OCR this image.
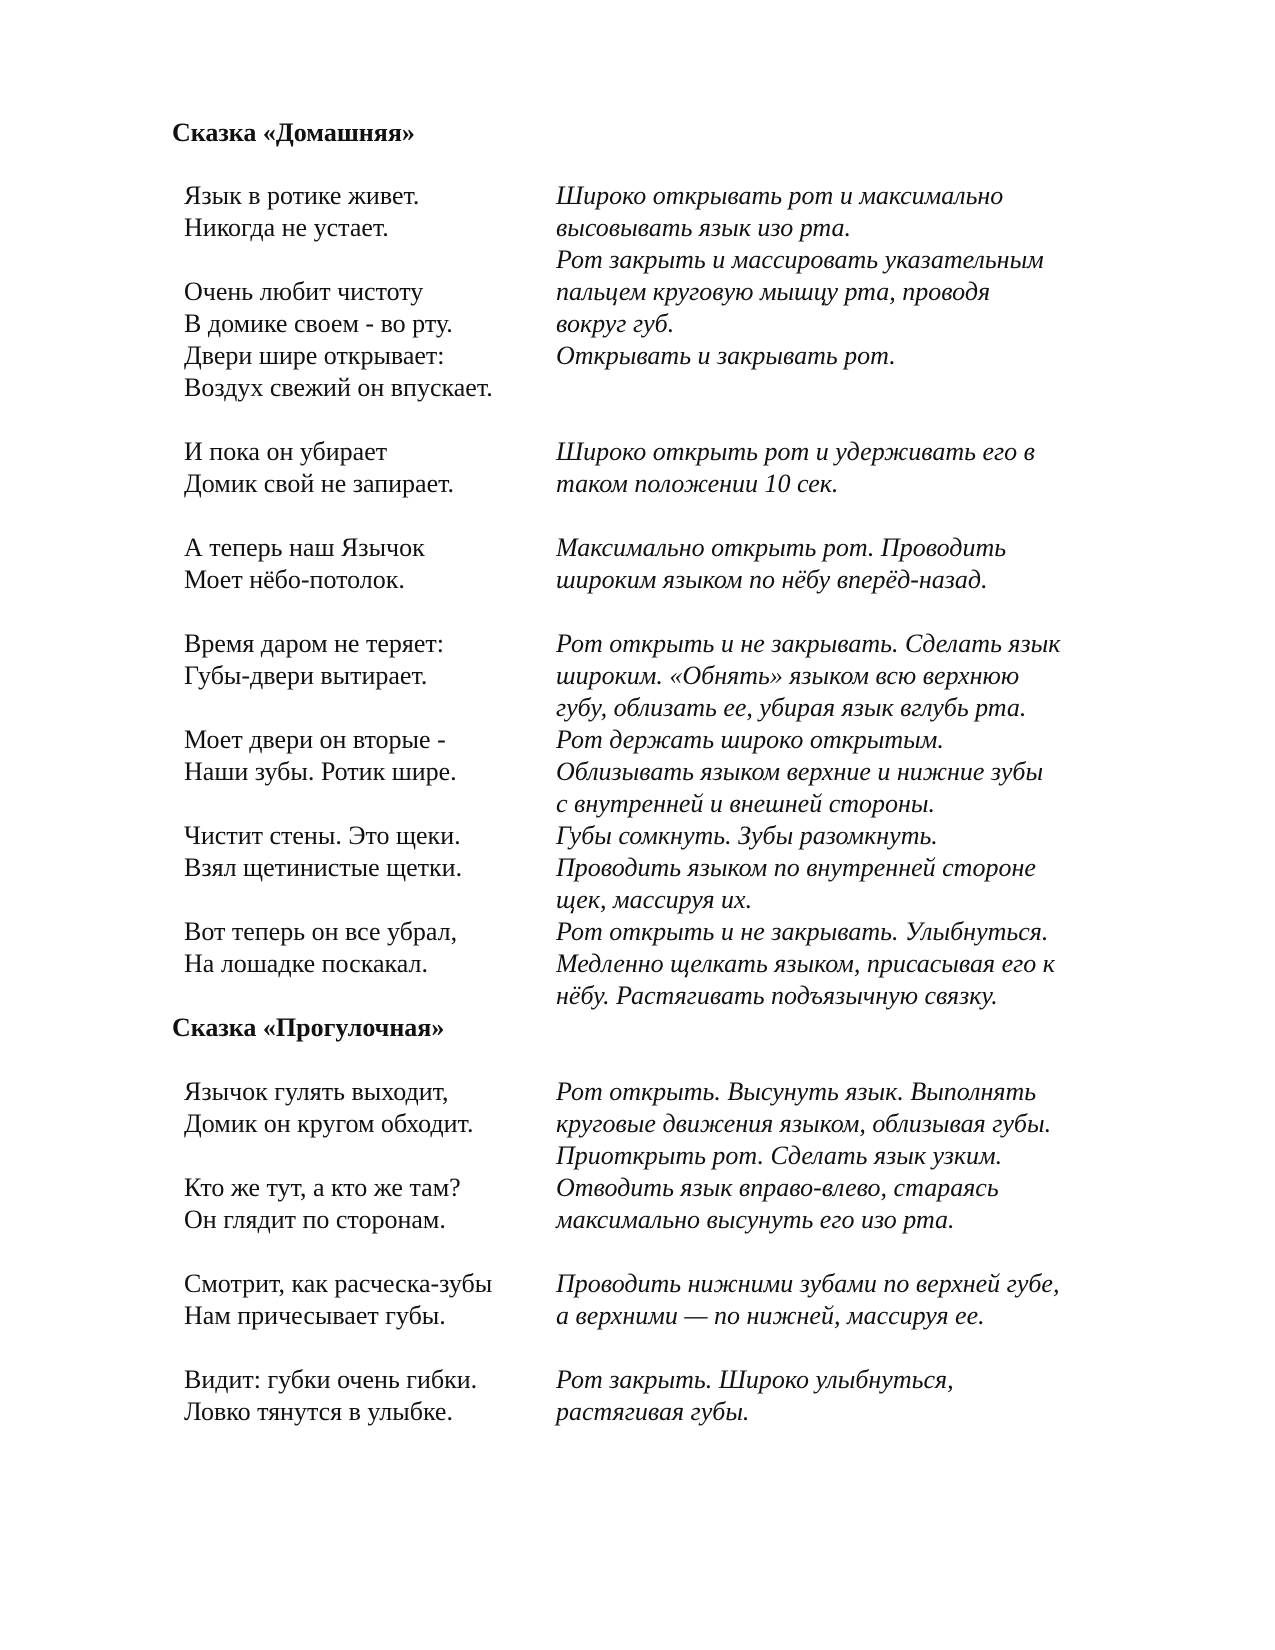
Сказка «Домашняя»
Язык в ротике живет.
Никогда не устает.
Очень любит чистоту
В домике своем - во рту.
Двери шире открывает:
Воздух свежий он впускает.
И пока он убирает
Домик свой не запирает.
А теперь наш Язычок
Моет нёбо-потолок.
Время даром не теряет:
Губы-двери вытирает.
Моет двери он вторые -
Наши зубы. Ротик шире.
Чистит стены. Это щеки.
Взял щетинистые щетки.
Вот теперь он все убрал,
На лошадке поскакал.
Широко открывать рот и максимально
высовывать язык изо рта.
Рот закрыть и массировать указательным
пальцем круговую мышцу рта, проводя
вокруг губ.
Открывать и закрывать рот.
Широко открыть рот и удерживать его в
таком положении 10 сек.
Максимально открыть рот. Проводить
широким языком по нёбу вперёд-назад.
Рот открыть и не закрывать. Сделать язык
широким. «Обнять» языком всю верхнюю
губу, облизать ее, убирая язык вглубь рта.
Рот держать широко открытым.
Облизывать языком верхние и нижние зубы
с внутренней и внешней стороны.
Губы сомкнуть. Зубы разомкнуть.
Проводить языком по внутренней стороне
щек, массируя их.
Рот открыть и не закрывать. Улыбнуться.
Медленно щелкать языком, присасывая его к
нёбу. Растягивать подъязычную связку.
Сказка «Прогулочная»
Язычок гулять выходит,
Домик он кругом обходит.
Кто же тут, а кто же там?
Он глядит по сторонам.
Смотрит, как расческа-зубы
Нам причесывает губы.
Видит: губки очень гибки.
Ловко тянутся в улыбке.
Рот открыть. Высунуть язык. Выполнять
круговые движения языком, облизывая губы.
Приоткрыть рот. Сделать язык узким.
Отводить язык вправо-влево, стараясь
максимально высунуть его изо рта.
Проводить нижними зубами по верхней губе,
а верхними — по нижней, массируя ее.
Рот закрыть. Широко улыбнуться,
растягивая губы.
